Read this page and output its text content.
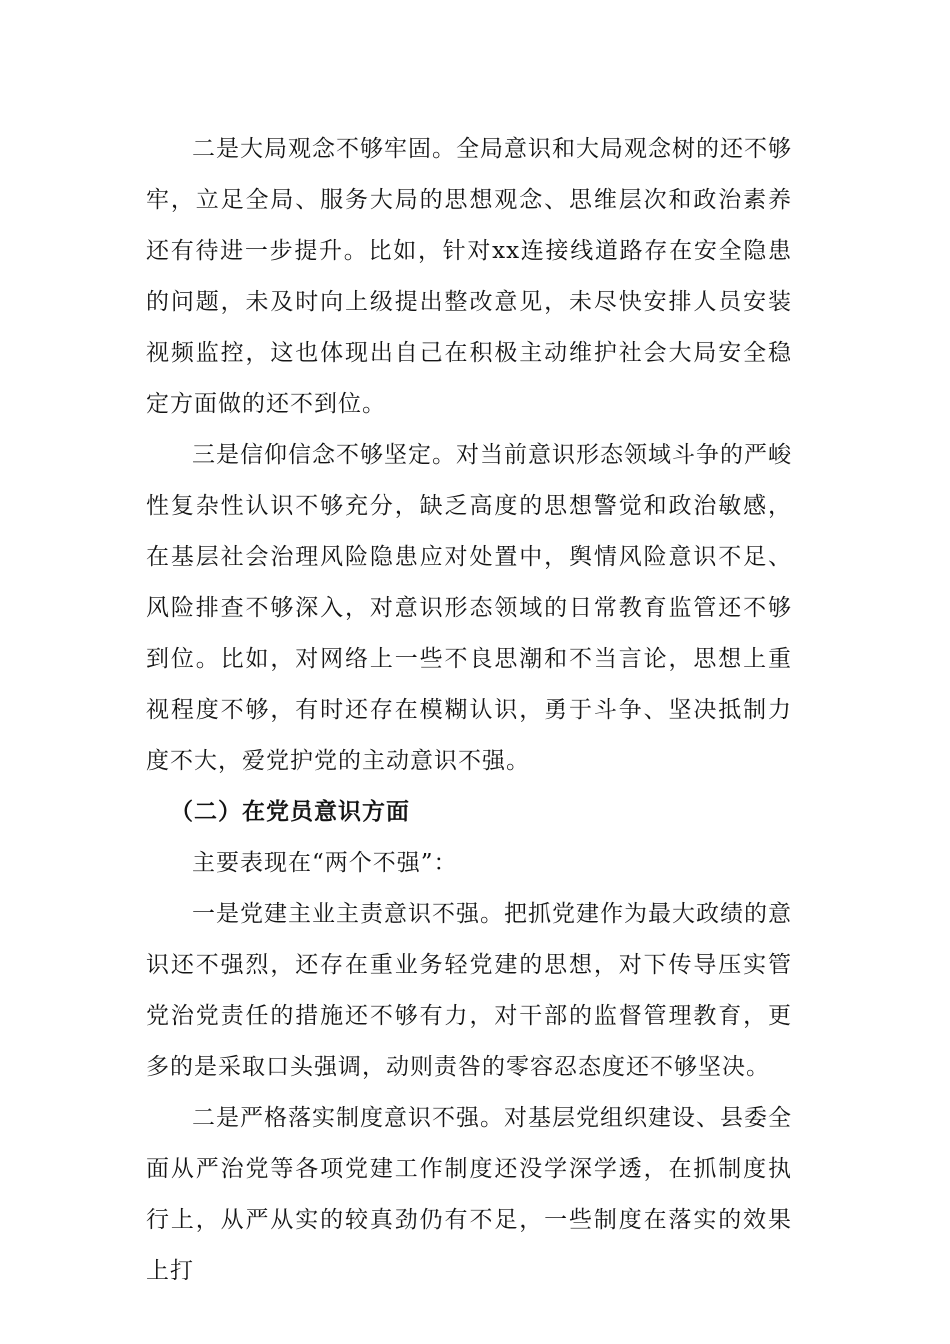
二是大局观念不够牢固。全局意识和大局观念树的还不够牢，立足全局、服务大局的思想观念、思维层次和政治素养还有待进一步提升。比如，针对xx连接线道路存在安全隐患的问题，未及时向上级提出整改意见，未尽快安排人员安装视频监控，这也体现出自己在积极主动维护社会大局安全稳定方面做的还不到位。

三是信仰信念不够坚定。对当前意识形态领域斗争的严峻性复杂性认识不够充分，缺乏高度的思想警觉和政治敏感，在基层社会治理风险隐患应对处置中，舆情风险意识不足、风险排查不够深入，对意识形态领域的日常教育监管还不够到位。比如，对网络上一些不良思潮和不当言论，思想上重视程度不够，有时还存在模糊认识，勇于斗争、坚决抵制力度不大，爱党护党的主动意识不强。

（二）在党员意识方面

主要表现在“两个不强”：

一是党建主业主责意识不强。把抓党建作为最大政绩的意识还不强烈，还存在重业务轻党建的思想，对下传导压实管党治党责任的措施还不够有力，对干部的监督管理教育，更多的是采取口头强调，动则责咎的零容忍态度还不够坚决。

二是严格落实制度意识不强。对基层党组织建设、县委全面从严治党等各项党建工作制度还没学深学透，在抓制度执行上，从严从实的较真劲仍有不足，一些制度在落实的效果上打
